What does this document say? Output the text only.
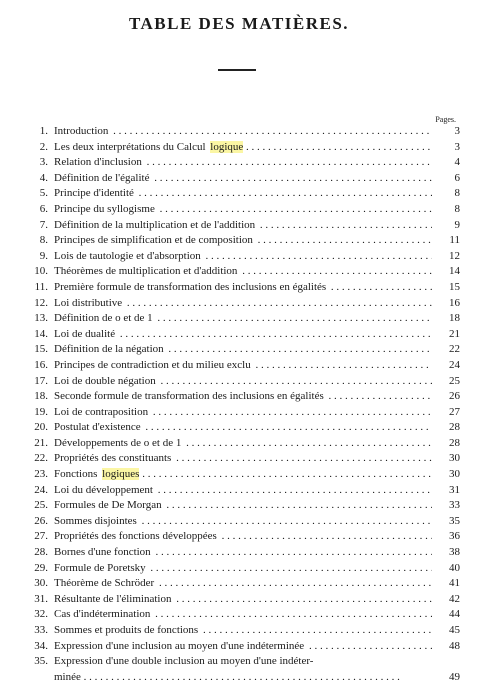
TABLE DES MATIÈRES.
Pages.
1. Introduction . . .	3
2. Les deux interprétations du Calcul logique . . .	3
3. Relation d'inclusion . . .	4
4. Définition de l'égalité . . .	6
5. Principe d'identité . . .	8
6. Principe du syllogisme . . .	8
7. Définition de la multiplication et de l'addition . . .	9
8. Principes de simplification et de composition . . .	11
9. Lois de tautologie et d'absorption . . .	12
10. Théorèmes de multiplication et d'addition . . .	14
11. Première formule de transformation des inclusions en égalités . . .	15
12. Loi distributive . . .	16
13. Définition de o et de 1 . . .	18
14. Loi de dualité . . .	21
15. Définition de la négation . . .	22
16. Principes de contradiction et du milieu exclu . . .	24
17. Loi de double négation . . .	25
18. Seconde formule de transformation des inclusions en égalités . . .	26
19. Loi de contraposition . . .	27
20. Postulat d'existence . . .	28
21. Développements de o et de 1 . . .	28
22. Propriétés des constituants . . .	30
23. Fonctions logiques . . .	30
24. Loi du développement . . .	31
25. Formules de De Morgan . . .	33
26. Sommes disjointes . . .	35
27. Propriétés des fonctions développées . . .	36
28. Bornes d'une fonction . . .	38
29. Formule de Poretsky . . .	40
30. Théorème de Schröder . . .	41
31. Résultante de l'élimination . . .	42
32. Cas d'indétermination . . .	44
33. Sommes et produits de fonctions . . .	45
34. Expression d'une inclusion au moyen d'une indéterminée . . .	48
35. Expression d'une double inclusion au moyen d'une indéter-
minée . . .	49
